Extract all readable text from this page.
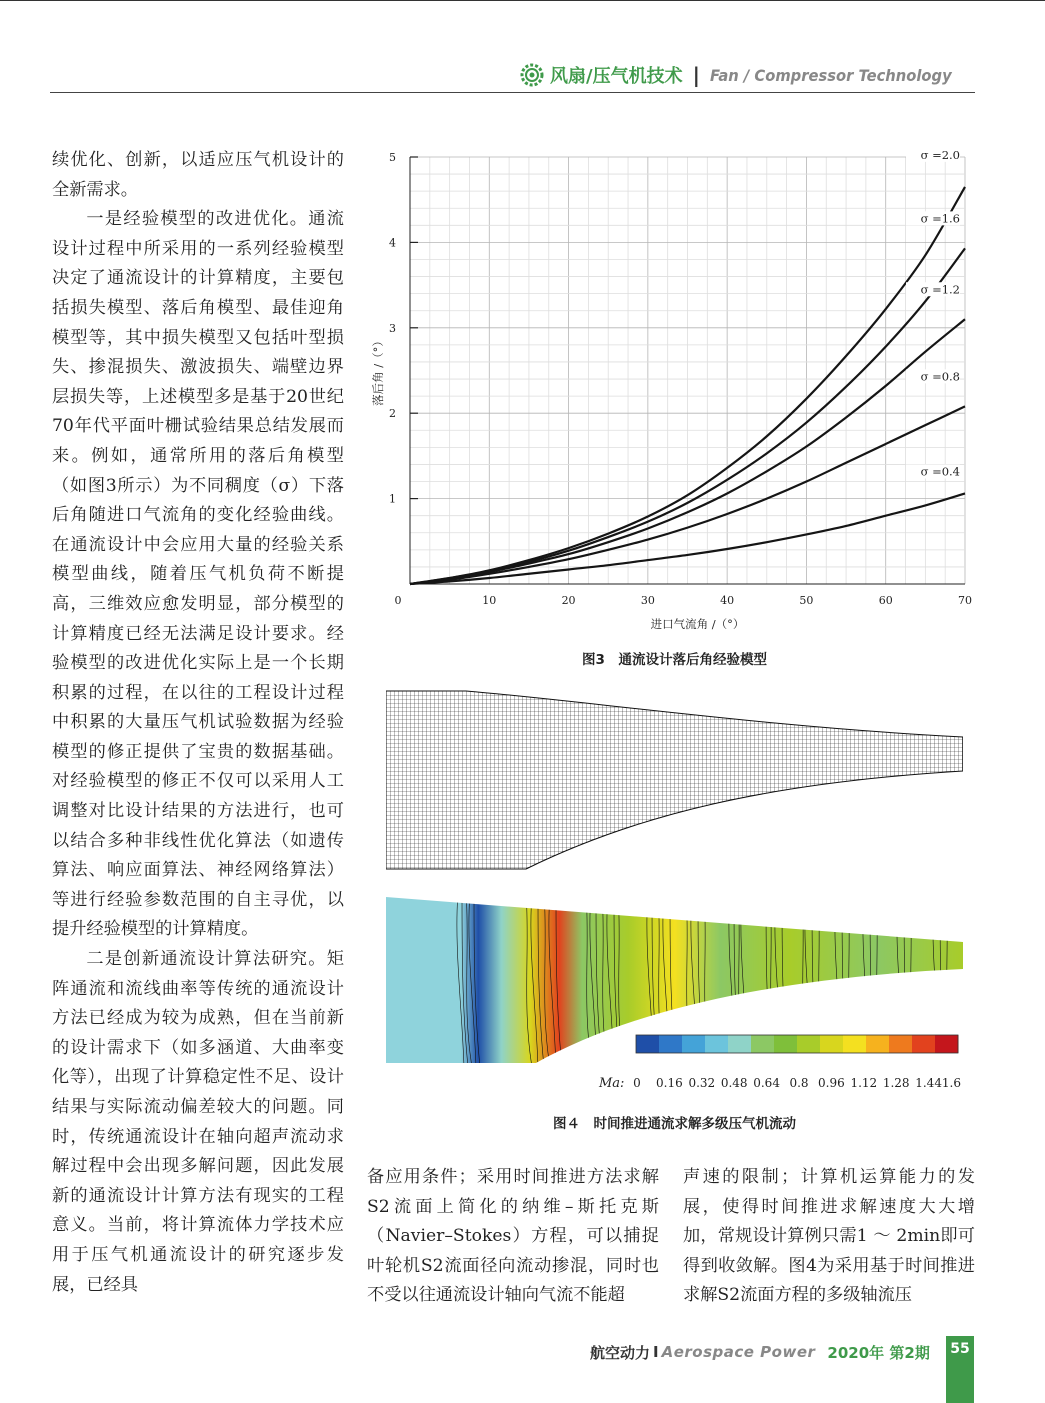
风扇/压气机技术 | Fan / Compressor Technology

续优化、创新，以适应压气机设计的全新需求。

一是经验模型的改进优化。通流设计过程中所采用的一系列经验模型决定了通流设计的计算精度，主要包括损失模型、落后角模型、最佳迎角模型等，其中损失模型又包括叶型损失、掺混损失、激波损失、端壁边界层损失等，上述模型多是基于20世纪70年代平面叶栅试验结果总结发展而来。例如，通常所用的落后角模型（如图3所示）为不同稠度（σ）下落后角随进口气流角的变化经验曲线。在通流设计中会应用大量的经验关系模型曲线，随着压气机负荷不断提高，三维效应愈发明显，部分模型的计算精度已经无法满足设计要求。经验模型的改进优化实际上是一个长期积累的过程，在以往的工程设计过程中积累的大量压气机试验数据为经验模型的修正提供了宝贵的数据基础。对经验模型的修正不仅可以采用人工调整对比设计结果的方法进行，也可以结合多种非线性优化算法（如遗传算法、响应面算法、神经网络算法）等进行经验参数范围的自主寻优，以提升经验模型的计算精度。

二是创新通流设计算法研究。矩阵通流和流线曲率等传统的通流设计方法已经成为较为成熟，但在当前新的设计需求下（如多涵道、大曲率变化等），出现了计算稳定性不足、设计结果与实际流动偏差较大的问题。同时，传统通流设计在轴向超声流动求解过程中会出现多解问题，因此发展新的通流设计计算方法有现实的工程意义。当前，将计算流体力学技术应用于压气机通流设计的研究逐步发展，已经具

1
2
3
4
5
0	10	20	30	40	50	60	70
进口气流角 /（°）
落后角 /（°）
σ =2.0
σ =1.6
σ =1.2
σ =0.8
σ =0.4
图3　通流设计落后角经验模型
Ma: 0 0.16 0.32 0.48 0.64 0.8 0.96 1.12 1.28 1.44 1.6
图４　时间推进通流求解多级压气机流动
备应用条件；采用时间推进方法求解S2流面上简化的纳维–斯托克斯（Navier–Stokes）方程，可以捕捉叶轮机S2流面径向流动掺混，同时也不受以往通流设计轴向气流不能超
声速的限制；计算机运算能力的发展，使得时间推进求解速度大大增加，常规设计算例只需1 ～ 2min即可得到收敛解。图4为采用基于时间推进求解S2流面方程的多级轴流压
航空动力 I Aerospace Power 2020年 第2期	55
